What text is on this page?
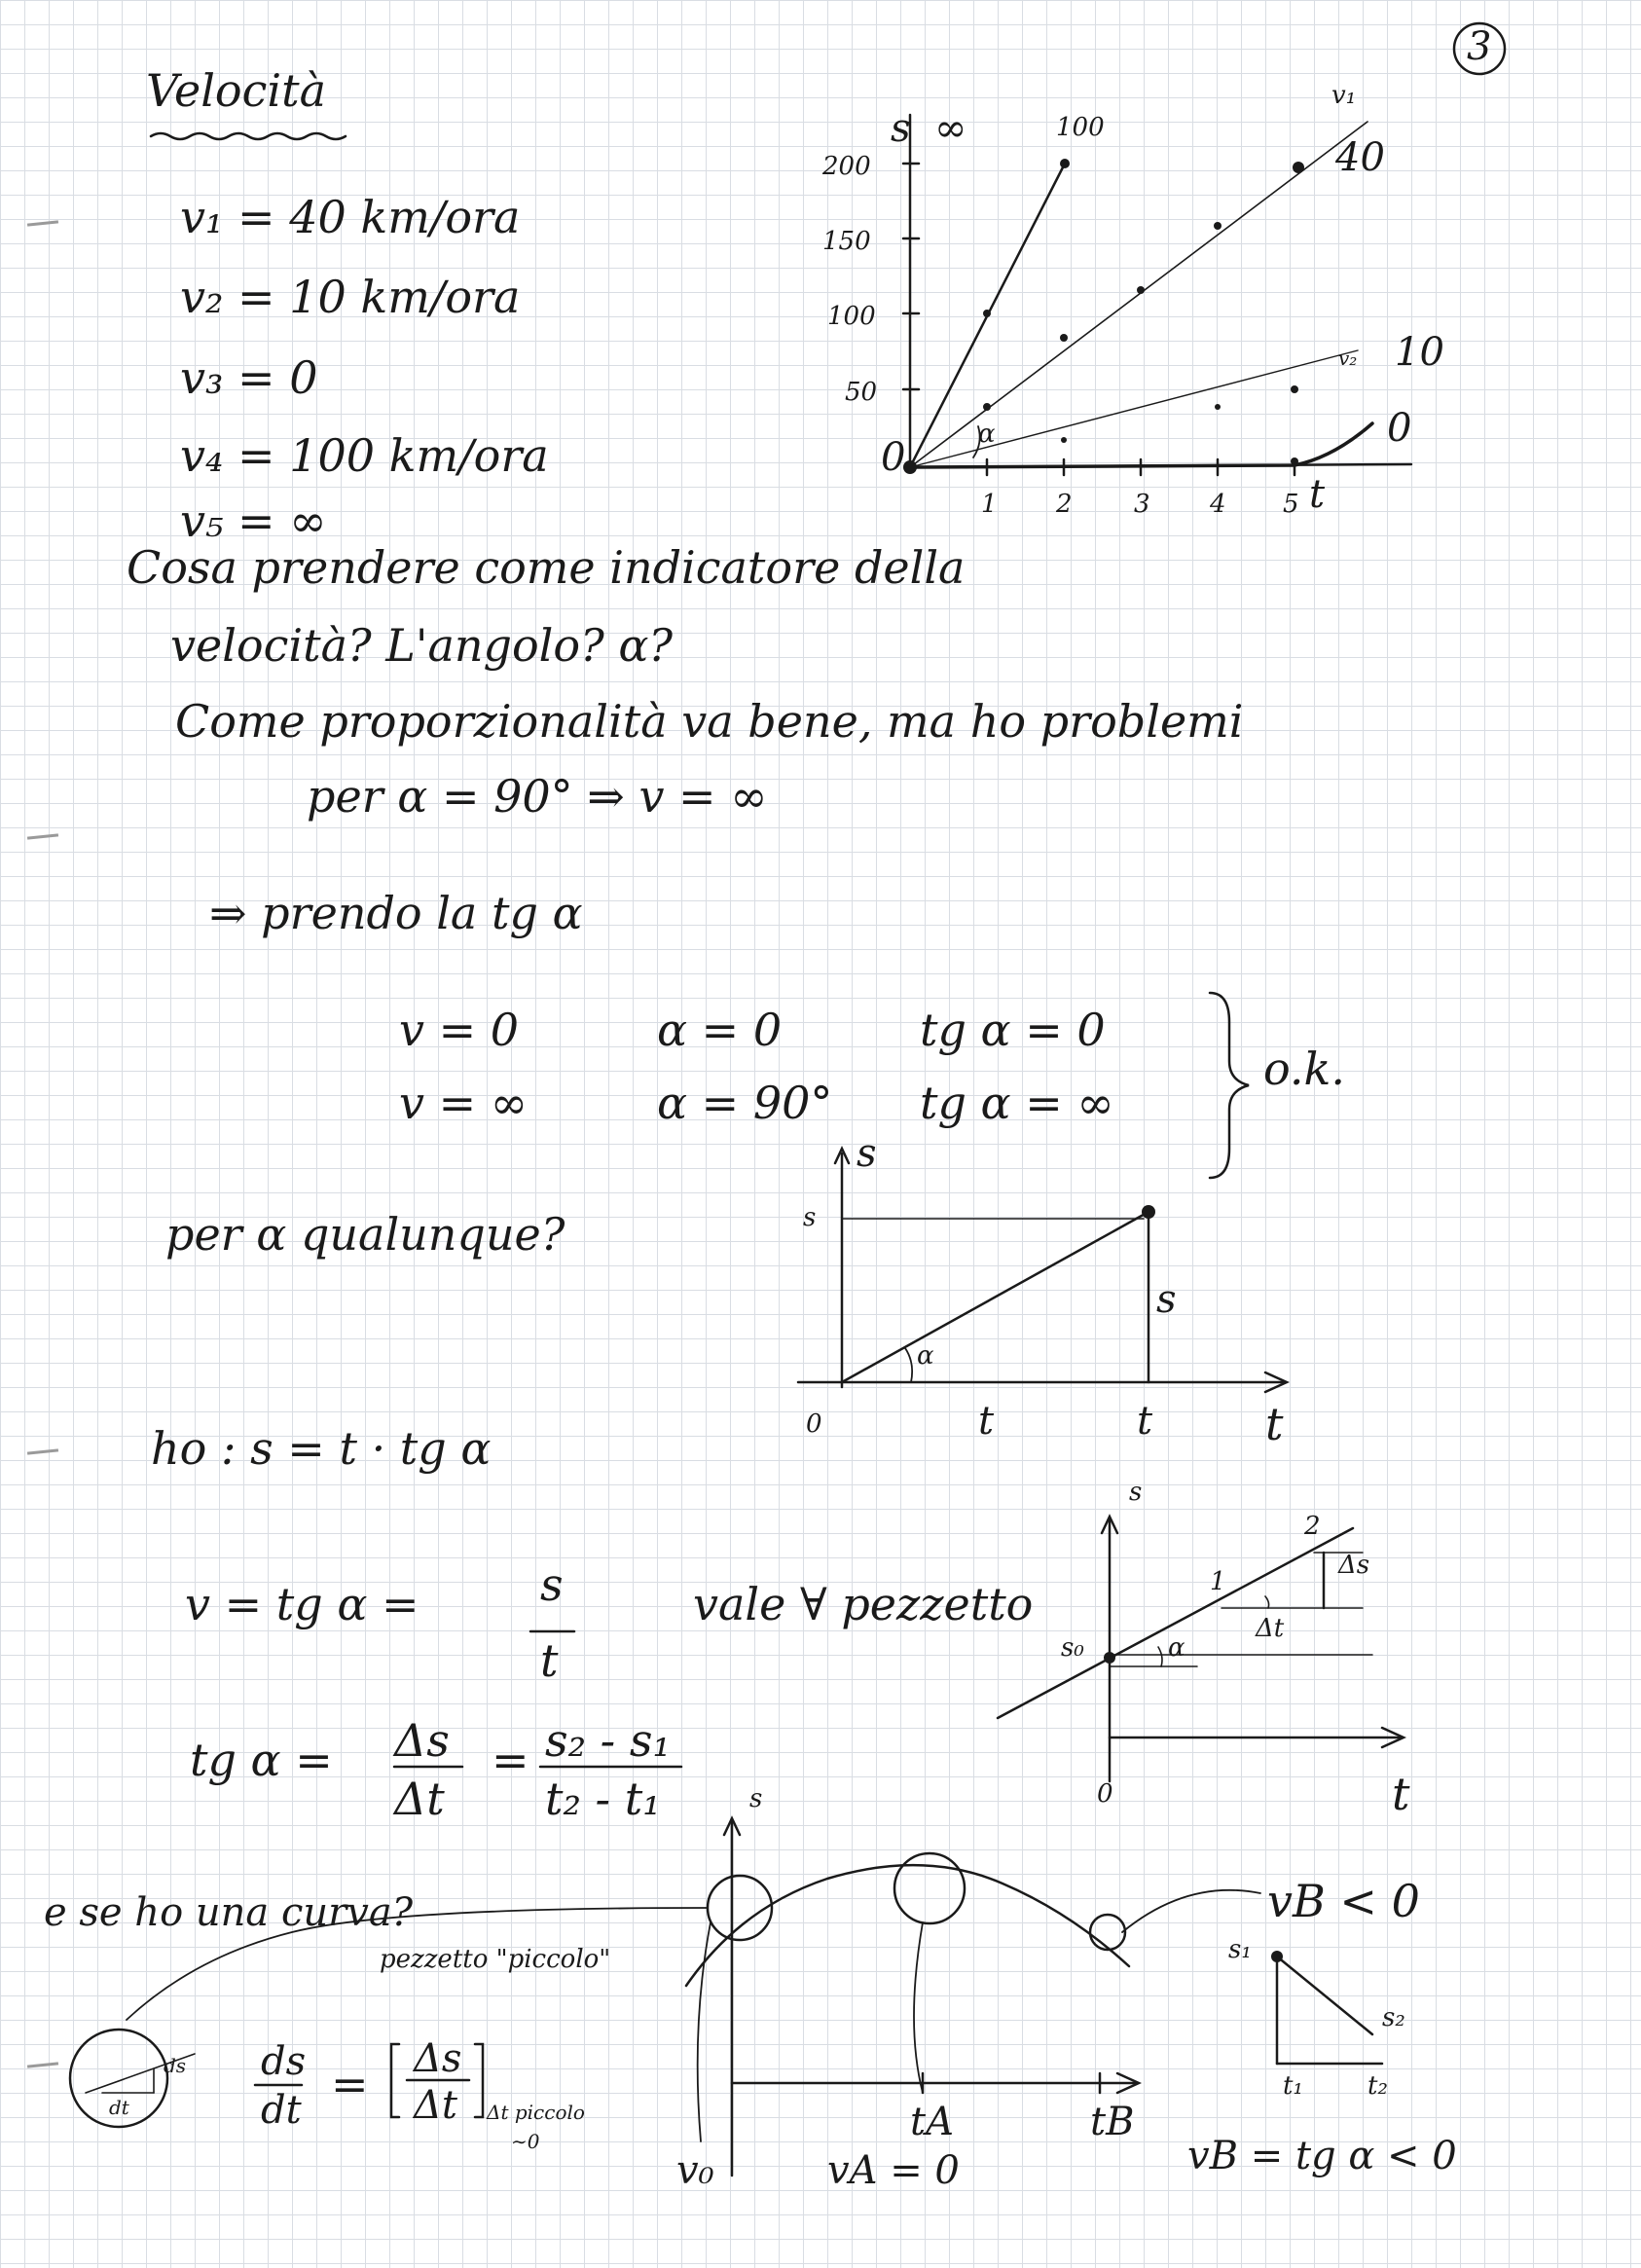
3
Velocità
v₁ = 40 km/ora
v₂ = 10 km/ora
v₃ = 0
v₄ = 100 km/ora
v₅ = ∞
s
200
150
100
50
0
1 2 3 4 5 t
∞	100
40
10
0
v₁
v₂
α
Cosa prendere come indicatore della
velocità? L'angolo? α?
Come proporzionalità va bene, ma ho problemi
per α = 90° ⇒ v = ∞
⇒ prendo la tg α
v = 0	α = 0	tg α = 0
v = ∞	α = 90° tg α = ∞
o.k.
per α qualunque?
s
s
s
0	t	t	t
α
ho : s = t · tg α
v = tg α =	s
t
vale ∀ pezzetto
tg α = Δs
Δt
= s₂ - s₁
t₂ - t₁
s
s₀
1
2
Δs
Δt
α
0	t
e se ho una curva?
pezzetto "piccolo"
ds
dt = Δs
Δt Δt piccolo
∼0
ds
dt
s
v₀	vA = 0
tA	tB
vB < 0
s₁
s₂
t₁	t₂
vB = tg α < 0
